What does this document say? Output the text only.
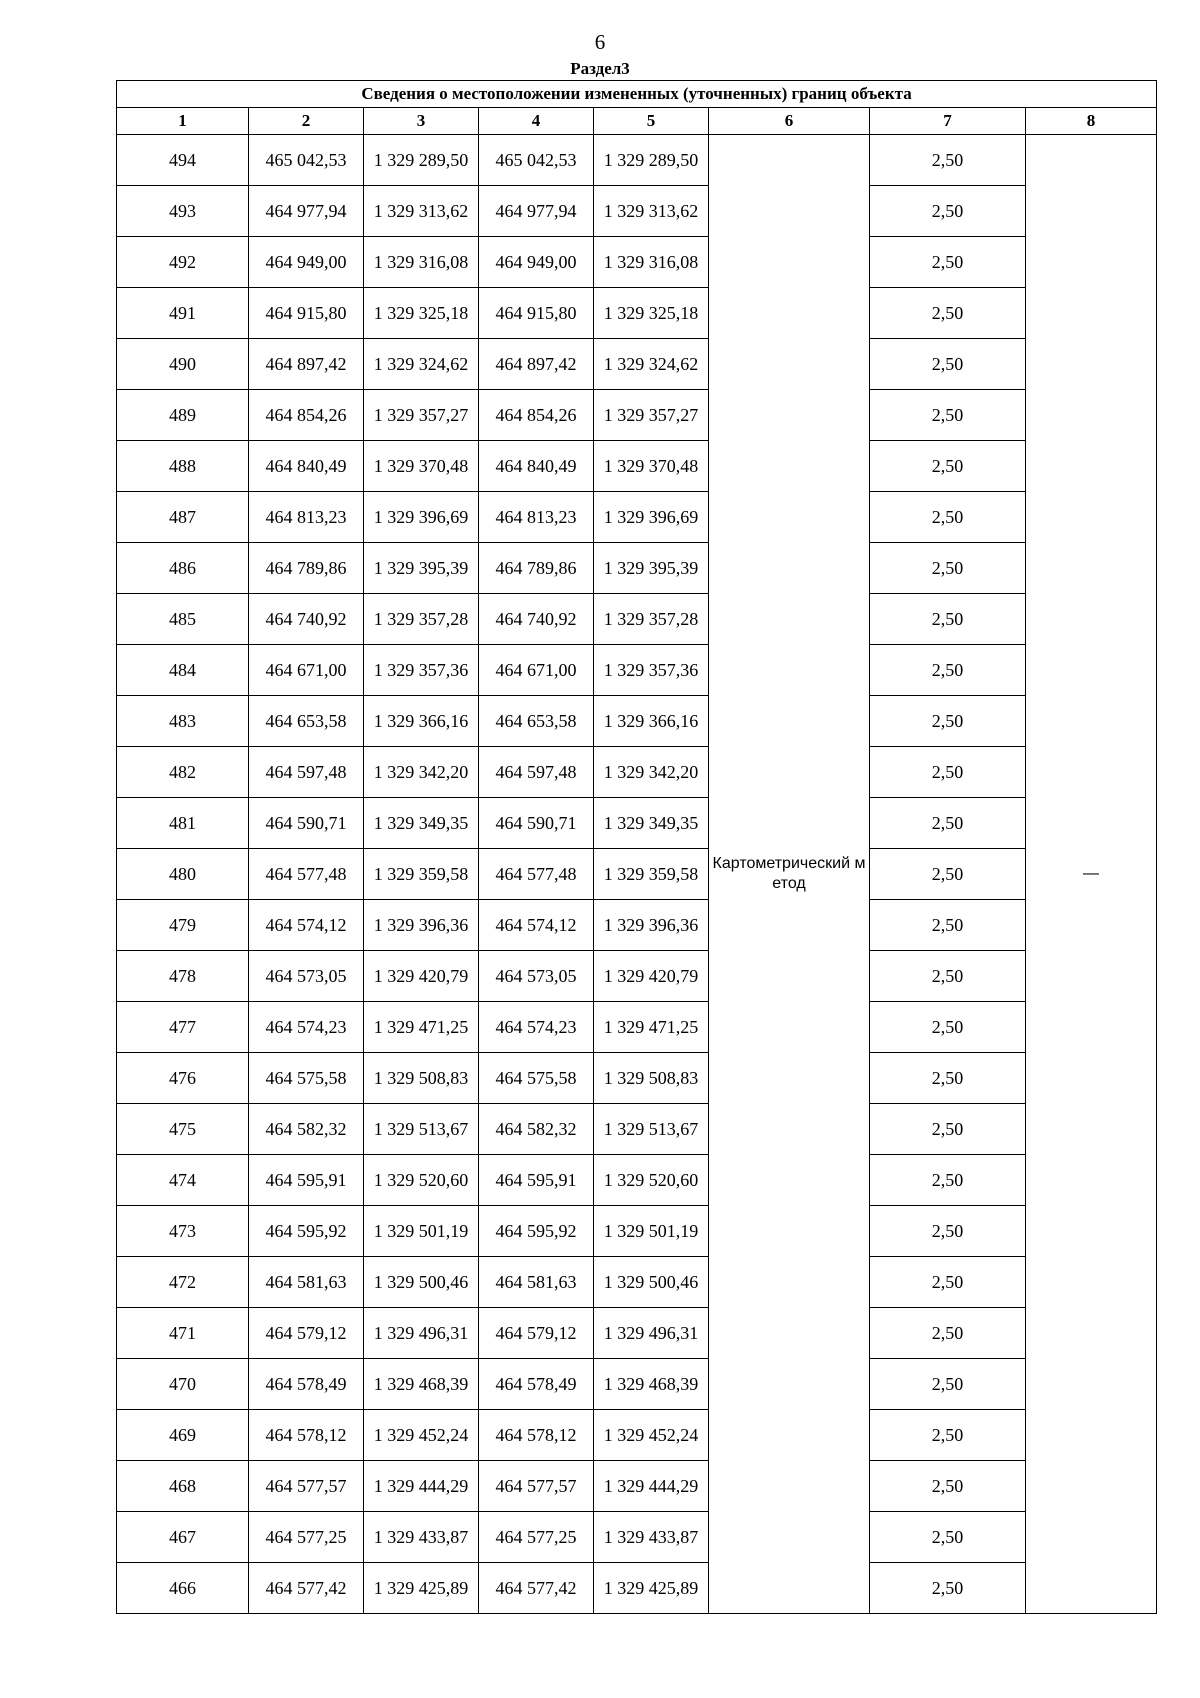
6
Раздел3
Сведения о местоположении измененных (уточненных) границ объекта							
1	2	3	4	5	6	7	8
494	465 042,53	1 329 289,50	465 042,53	1 329 289,50	Картометрический метод	2,50	—
493	464 977,94	1 329 313,62	464 977,94	1 329 313,62		2,50	
492	464 949,00	1 329 316,08	464 949,00	1 329 316,08		2,50	
491	464 915,80	1 329 325,18	464 915,80	1 329 325,18		2,50	
490	464 897,42	1 329 324,62	464 897,42	1 329 324,62		2,50	
489	464 854,26	1 329 357,27	464 854,26	1 329 357,27		2,50	
488	464 840,49	1 329 370,48	464 840,49	1 329 370,48		2,50	
487	464 813,23	1 329 396,69	464 813,23	1 329 396,69		2,50	
486	464 789,86	1 329 395,39	464 789,86	1 329 395,39		2,50	
485	464 740,92	1 329 357,28	464 740,92	1 329 357,28		2,50	
484	464 671,00	1 329 357,36	464 671,00	1 329 357,36		2,50	
483	464 653,58	1 329 366,16	464 653,58	1 329 366,16		2,50	
482	464 597,48	1 329 342,20	464 597,48	1 329 342,20		2,50	
481	464 590,71	1 329 349,35	464 590,71	1 329 349,35		2,50	
480	464 577,48	1 329 359,58	464 577,48	1 329 359,58		2,50	
479	464 574,12	1 329 396,36	464 574,12	1 329 396,36		2,50	
478	464 573,05	1 329 420,79	464 573,05	1 329 420,79		2,50	
477	464 574,23	1 329 471,25	464 574,23	1 329 471,25		2,50	
476	464 575,58	1 329 508,83	464 575,58	1 329 508,83		2,50	
475	464 582,32	1 329 513,67	464 582,32	1 329 513,67		2,50	
474	464 595,91	1 329 520,60	464 595,91	1 329 520,60		2,50	
473	464 595,92	1 329 501,19	464 595,92	1 329 501,19		2,50	
472	464 581,63	1 329 500,46	464 581,63	1 329 500,46		2,50	
471	464 579,12	1 329 496,31	464 579,12	1 329 496,31		2,50	
470	464 578,49	1 329 468,39	464 578,49	1 329 468,39		2,50	
469	464 578,12	1 329 452,24	464 578,12	1 329 452,24		2,50	
468	464 577,57	1 329 444,29	464 577,57	1 329 444,29		2,50	
467	464 577,25	1 329 433,87	464 577,25	1 329 433,87		2,50	
466	464 577,42	1 329 425,89	464 577,42	1 329 425,89		2,50	
